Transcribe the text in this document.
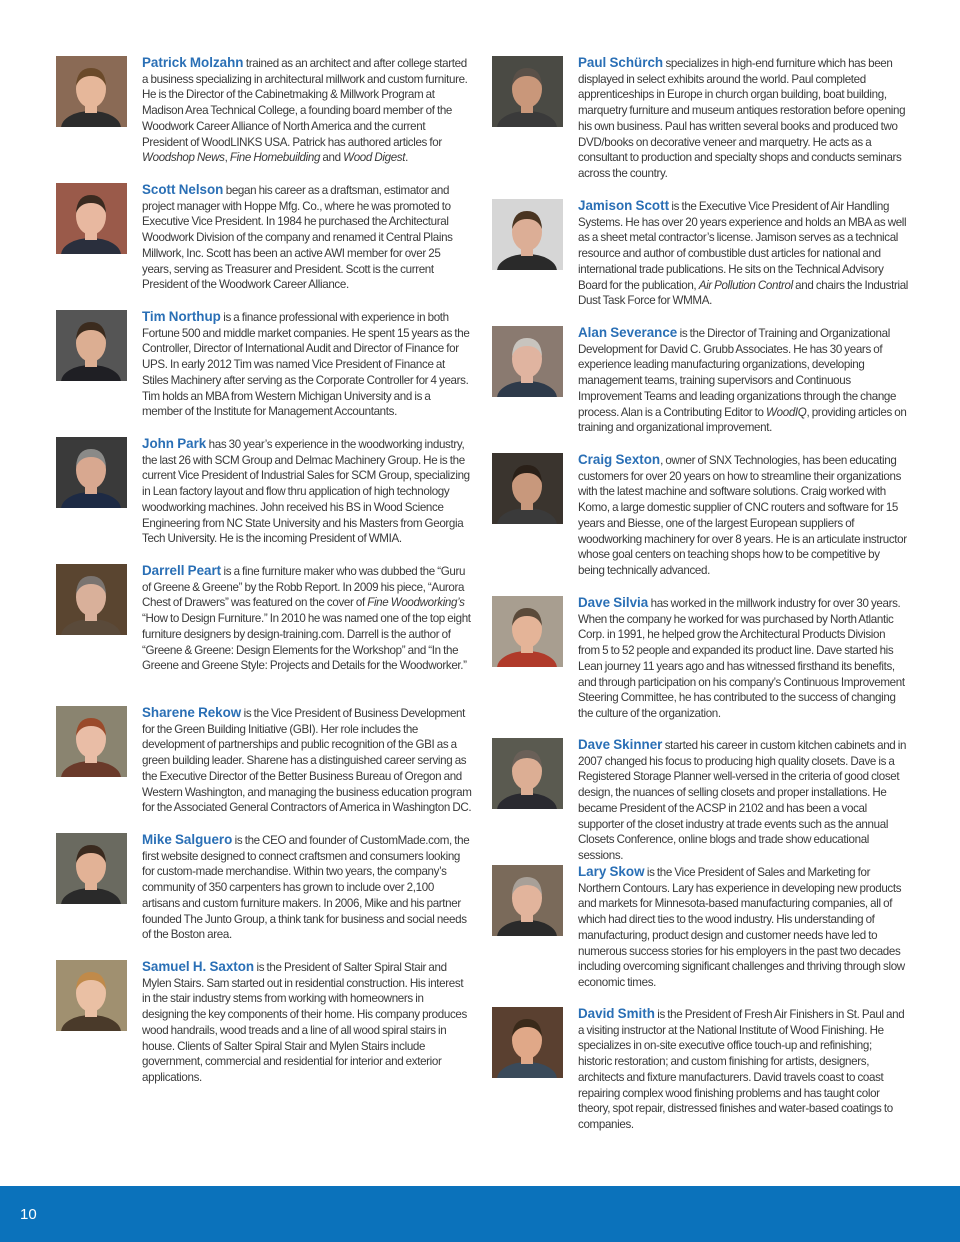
Patrick Molzahn trained as an architect and after college started a business specializing in architectural millwork and custom furniture. He is the Director of the Cabinetmaking & Millwork Program at Madison Area Technical College, a founding board member of the Woodwork Career Alliance of North America and the current President of WoodLINKS USA. Patrick has authored articles for Woodshop News, Fine Homebuilding and Wood Digest.
Scott Nelson began his career as a draftsman, estimator and project manager with Hoppe Mfg. Co., where he was promoted to Executive Vice President. In 1984 he purchased the Architectural Woodwork Division of the company and renamed it Central Plains Millwork, Inc. Scott has been an active AWI member for over 25 years, serving as Treasurer and President. Scott is the current President of the Woodwork Career Alliance.
Tim Northup is a finance professional with experience in both Fortune 500 and middle market companies. He spent 15 years as the Controller, Director of International Audit and Director of Finance for UPS. In early 2012 Tim was named Vice President of Finance at Stiles Machinery after serving as the Corporate Controller for 4 years. Tim holds an MBA from Western Michigan University and is a member of the Institute for Management Accountants.
John Park has 30 year’s experience in the woodworking industry, the last 26 with SCM Group and Delmac Machinery Group. He is the current Vice President of Industrial Sales for SCM Group, specializing in Lean factory layout and flow thru application of high technology woodworking machines. John received his BS in Wood Science Engineering from NC State University and his Masters from Georgia Tech University. He is the incoming President of WMIA.
Darrell Peart is a fine furniture maker who was dubbed the “Guru of Greene & Greene” by the Robb Report. In 2009 his piece, “Aurora Chest of Drawers” was featured on the cover of Fine Woodworking’s “How to Design Furniture.” In 2010 he was named one of the top eight furniture designers by design-training.com. Darrell is the author of “Greene & Greene: Design Elements for the Workshop” and “In the Greene and Greene Style: Projects and Details for the Woodworker.”
Sharene Rekow is the Vice President of Business Development for the Green Building Initiative (GBI). Her role includes the development of partnerships and public recognition of the GBI as a green building leader. Sharene has a distinguished career serving as the Executive Director of the Better Business Bureau of Oregon and Western Washington, and managing the business education program for the Associated General Contractors of America in Washington DC.
Mike Salguero is the CEO and founder of CustomMade.com, the first website designed to connect craftsmen and consumers looking for custom-made merchandise. Within two years, the company’s community of 350 carpenters has grown to include over 2,100 artisans and custom furniture makers. In 2006, Mike and his partner founded The Junto Group, a think tank for business and social needs of the Boston area.
Samuel H. Saxton is the President of Salter Spiral Stair and Mylen Stairs. Sam started out in residential construction. His interest in the stair industry stems from working with homeowners in designing the key components of their home. His company produces wood handrails, wood treads and a line of all wood spiral stairs in house. Clients of Salter Spiral Stair and Mylen Stairs include government, commercial and residential for interior and exterior applications.
Paul Schürch specializes in high-end furniture which has been displayed in select exhibits around the world. Paul completed apprenticeships in Europe in church organ building, boat building, marquetry furniture and museum antiques restoration before opening his own business. Paul has written several books and produced two DVD/books on decorative veneer and marquetry. He acts as a consultant to production and specialty shops and conducts seminars across the country.
Jamison Scott is the Executive Vice President of Air Handling Systems. He has over 20 years experience and holds an MBA as well as a sheet metal contractor’s license. Jamison serves as a technical resource and author of combustible dust articles for national and international trade publications. He sits on the Technical Advisory Board for the publication, Air Pollution Control and chairs the Industrial Dust Task Force for WMMA.
Alan Severance is the Director of Training and Organizational Development for David C. Grubb Associates. He has 30 years of experience leading manufacturing organizations, developing management teams, training supervisors and Continuous Improvement Teams and leading organizations through the change process. Alan is a Contributing Editor to WoodIQ, providing articles on training and organizational improvement.
Craig Sexton, owner of SNX Technologies, has been educating customers for over 20 years on how to streamline their organizations with the latest machine and software solutions. Craig worked with Komo, a large domestic supplier of CNC routers and software for 15 years and Biesse, one of the largest European suppliers of woodworking machinery for over 8 years. He is an articulate instructor whose goal centers on teaching shops how to be competitive by being technically advanced.
Dave Silvia has worked in the millwork industry for over 30 years. When the company he worked for was purchased by North Atlantic Corp. in 1991, he helped grow the Architectural Products Division from 5 to 52 people and expanded its product line. Dave started his Lean journey 11 years ago and has witnessed firsthand its benefits, and through participation on his company’s Continuous Improvement Steering Committee, he has contributed to the success of changing the culture of the organization.
Dave Skinner started his career in custom kitchen cabinets and in 2007 changed his focus to producing high quality closets. Dave is a Registered Storage Planner well-versed in the criteria of good closet design, the nuances of selling closets and proper installations. He became President of the ACSP in 2102 and has been a vocal supporter of the closet industry at trade events such as the annual Closets Conference, online blogs and trade show educational sessions.
Lary Skow is the Vice President of Sales and Marketing for Northern Contours. Lary has experience in developing new products and markets for Minnesota-based manufacturing companies, all of which had direct ties to the wood industry. His understanding of manufacturing, product design and customer needs have led to numerous success stories for his employers in the past two decades including overcoming significant challenges and thriving through slow economic times.
David Smith is the President of Fresh Air Finishers in St. Paul and a visiting instructor at the National Institute of Wood Finishing. He specializes in on-site executive office touch-up and refinishing; historic restoration; and custom finishing for artists, designers, architects and fixture manufacturers. David travels coast to coast repairing complex wood finishing problems and has taught color theory, spot repair, distressed finishes and water-based coatings to companies.
10
